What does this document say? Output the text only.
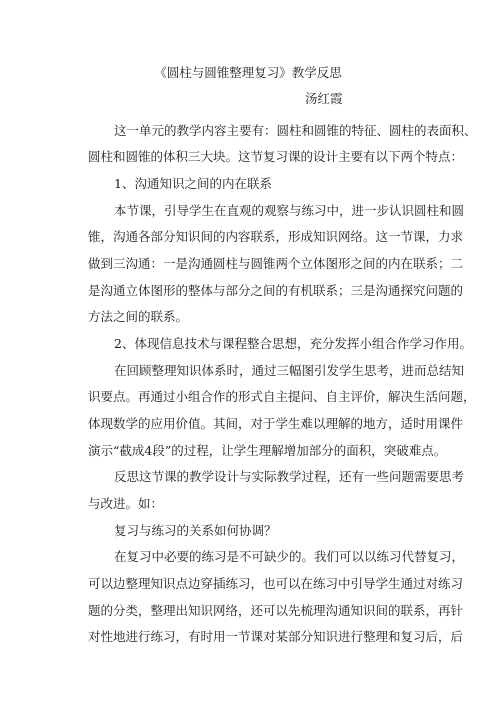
《圆柱与圆锥整理复习》教学反思
汤红霞
这一单元的教学内容主要有：圆柱和圆锥的特征、圆柱的表面积、
圆柱和圆锥的体积三大块。这节复习课的设计主要有以下两个特点：
1、沟通知识之间的内在联系
本节课，引导学生在直观的观察与练习中，进一步认识圆柱和圆
锥，沟通各部分知识间的内容联系，形成知识网络。这一节课，力求
做到三沟通：一是沟通圆柱与圆锥两个立体图形之间的内在联系；二
是沟通立体图形的整体与部分之间的有机联系；三是沟通探究问题的
方法之间的联系。
2、体现信息技术与课程整合思想，充分发挥小组合作学习作用。
在回顾整理知识体系时，通过三幅图引发学生思考，进而总结知
识要点。再通过小组合作的形式自主提问、自主评价，解决生活问题，
体现数学的应用价值。其间，对于学生难以理解的地方，适时用课件
演示“截成4段”的过程，让学生理解增加部分的面积，突破难点。
反思这节课的教学设计与实际教学过程，还有一些问题需要思考
与改进。如：
复习与练习的关系如何协调？
在复习中必要的练习是不可缺少的。我们可以以练习代替复习，
可以边整理知识点边穿插练习，也可以在练习中引导学生通过对练习
题的分类，整理出知识网络，还可以先梳理沟通知识间的联系，再针
对性地进行练习，有时用一节课对某部分知识进行整理和复习后，后
